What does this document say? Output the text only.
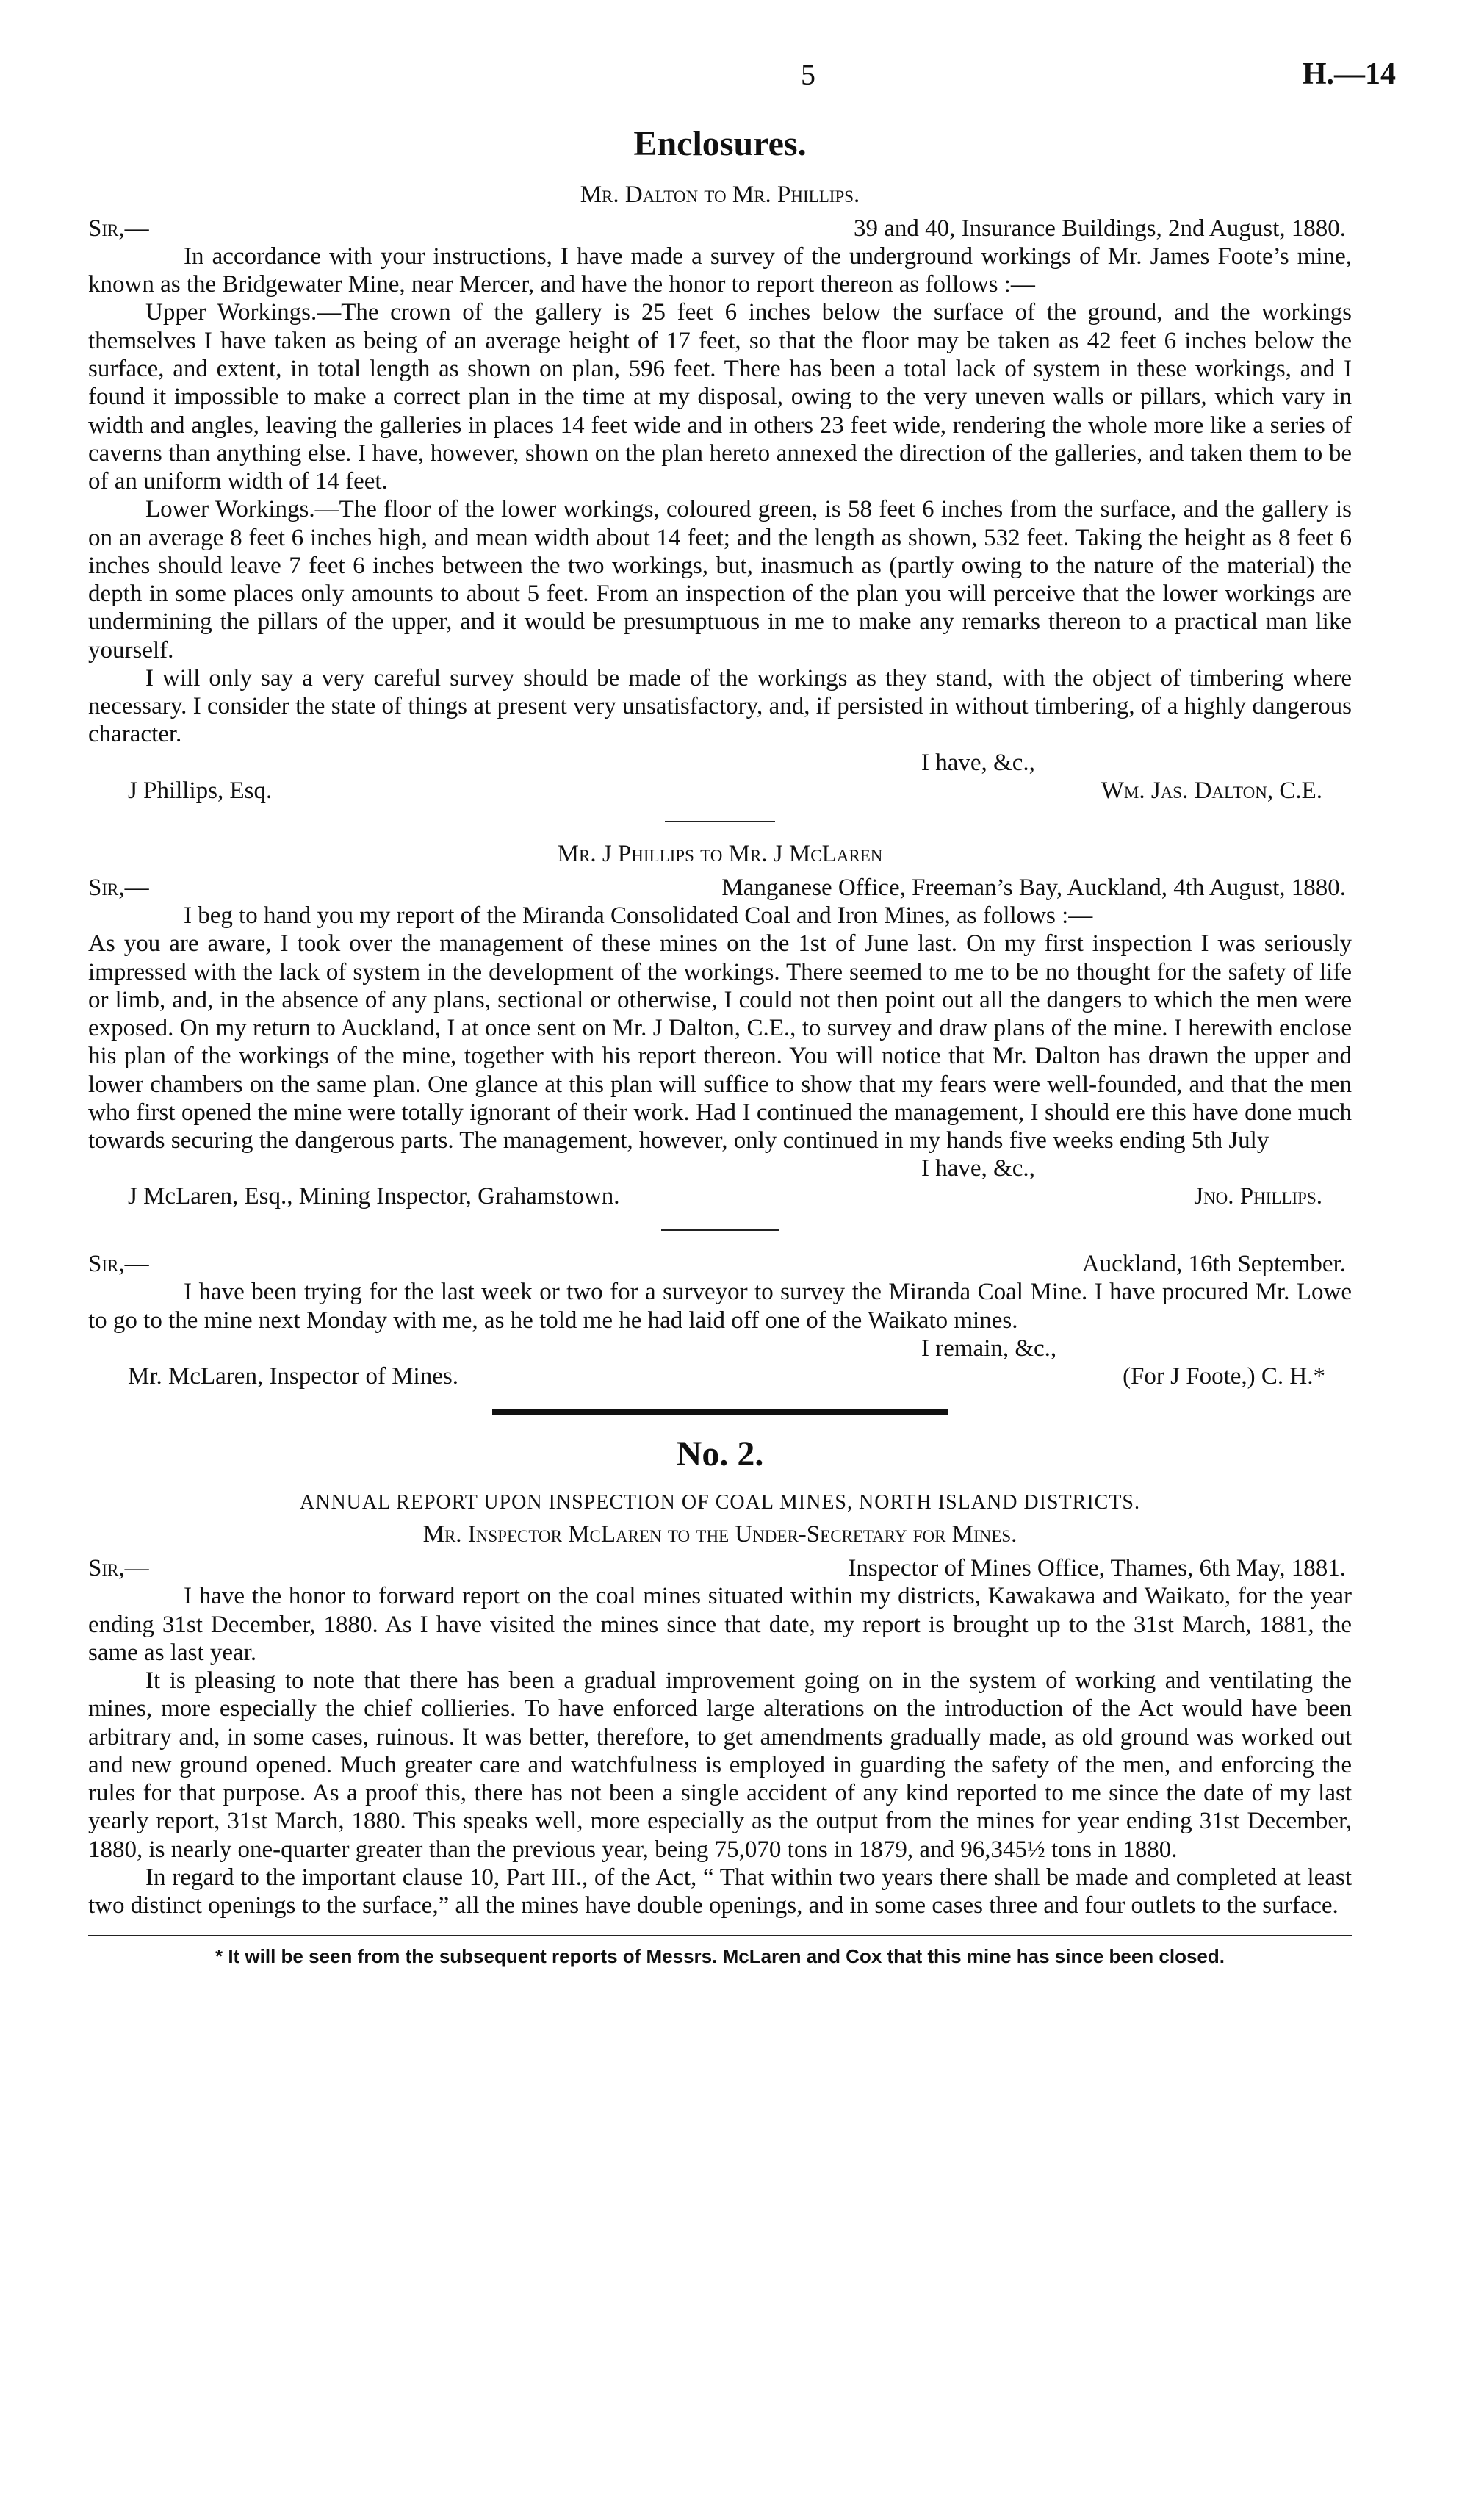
5	H.—14
Enclosures.
Mr. Dalton to Mr. Phillips.
Sir,—	39 and 40, Insurance Buildings, 2nd August, 1880.

In accordance with your instructions, I have made a survey of the underground workings of Mr. James Foote’s mine, known as the Bridgewater Mine, near Mercer, and have the honor to report thereon as follows :—

Upper Workings.—The crown of the gallery is 25 feet 6 inches below the surface of the ground, and the workings themselves I have taken as being of an average height of 17 feet, so that the floor may be taken as 42 feet 6 inches below the surface, and extent, in total length as shown on plan, 596 feet. There has been a total lack of system in these workings, and I found it impossible to make a correct plan in the time at my disposal, owing to the very uneven walls or pillars, which vary in width and angles, leaving the galleries in places 14 feet wide and in others 23 feet wide, rendering the whole more like a series of caverns than anything else. I have, however, shown on the plan hereto annexed the direction of the galleries, and taken them to be of an uniform width of 14 feet.

Lower Workings.—The floor of the lower workings, coloured green, is 58 feet 6 inches from the surface, and the gallery is on an average 8 feet 6 inches high, and mean width about 14 feet; and the length as shown, 532 feet. Taking the height as 8 feet 6 inches should leave 7 feet 6 inches between the two workings, but, inasmuch as (partly owing to the nature of the material) the depth in some places only amounts to about 5 feet. From an inspection of the plan you will perceive that the lower workings are undermining the pillars of the upper, and it would be presumptuous in me to make any remarks thereon to a practical man like yourself.

I will only say a very careful survey should be made of the workings as they stand, with the object of timbering where necessary. I consider the state of things at present very unsatisfactory, and, if persisted in without timbering, of a highly dangerous character.

I have, &c.,
J Phillips, Esq.	Wm. Jas. Dalton, C.E.
Mr. J Phillips to Mr. J McLaren
Sir,—	Manganese Office, Freeman’s Bay, Auckland, 4th August, 1880.

I beg to hand you my report of the Miranda Consolidated Coal and Iron Mines, as follows :—

As you are aware, I took over the management of these mines on the 1st of June last. On my first inspection I was seriously impressed with the lack of system in the development of the workings. There seemed to me to be no thought for the safety of life or limb, and, in the absence of any plans, sectional or otherwise, I could not then point out all the dangers to which the men were exposed. On my return to Auckland, I at once sent on Mr. J Dalton, C.E., to survey and draw plans of the mine. I herewith enclose his plan of the workings of the mine, together with his report thereon. You will notice that Mr. Dalton has drawn the upper and lower chambers on the same plan. One glance at this plan will suffice to show that my fears were well-founded, and that the men who first opened the mine were totally ignorant of their work. Had I continued the management, I should ere this have done much towards securing the dangerous parts. The management, however, only continued in my hands five weeks ending 5th July

I have, &c.,
J McLaren, Esq., Mining Inspector, Grahamstown.	Jno. Phillips.
Sir,—	Auckland, 16th September.

I have been trying for the last week or two for a surveyor to survey the Miranda Coal Mine. I have procured Mr. Lowe to go to the mine next Monday with me, as he told me he had laid off one of the Waikato mines.

I remain, &c.,
Mr. McLaren, Inspector of Mines.	(For J Foote,) C. H.*
No. 2.
ANNUAL REPORT UPON INSPECTION OF COAL MINES, NORTH ISLAND DISTRICTS.
Mr. Inspector McLaren to the Under-Secretary for Mines.
Sir,—	Inspector of Mines Office, Thames, 6th May, 1881.

I have the honor to forward report on the coal mines situated within my districts, Kawakawa and Waikato, for the year ending 31st December, 1880. As I have visited the mines since that date, my report is brought up to the 31st March, 1881, the same as last year.

It is pleasing to note that there has been a gradual improvement going on in the system of working and ventilating the mines, more especially the chief collieries. To have enforced large alterations on the introduction of the Act would have been arbitrary and, in some cases, ruinous. It was better, therefore, to get amendments gradually made, as old ground was worked out and new ground opened. Much greater care and watchfulness is employed in guarding the safety of the men, and enforcing the rules for that purpose. As a proof this, there has not been a single accident of any kind reported to me since the date of my last yearly report, 31st March, 1880. This speaks well, more especially as the output from the mines for year ending 31st December, 1880, is nearly one-quarter greater than the previous year, being 75,070 tons in 1879, and 96,345½ tons in 1880.

In regard to the important clause 10, Part III., of the Act, “ That within two years there shall be made and completed at least two distinct openings to the surface,” all the mines have double openings, and in some cases three and four outlets to the surface.

* It will be seen from the subsequent reports of Messrs. McLaren and Cox that this mine has since been closed.
